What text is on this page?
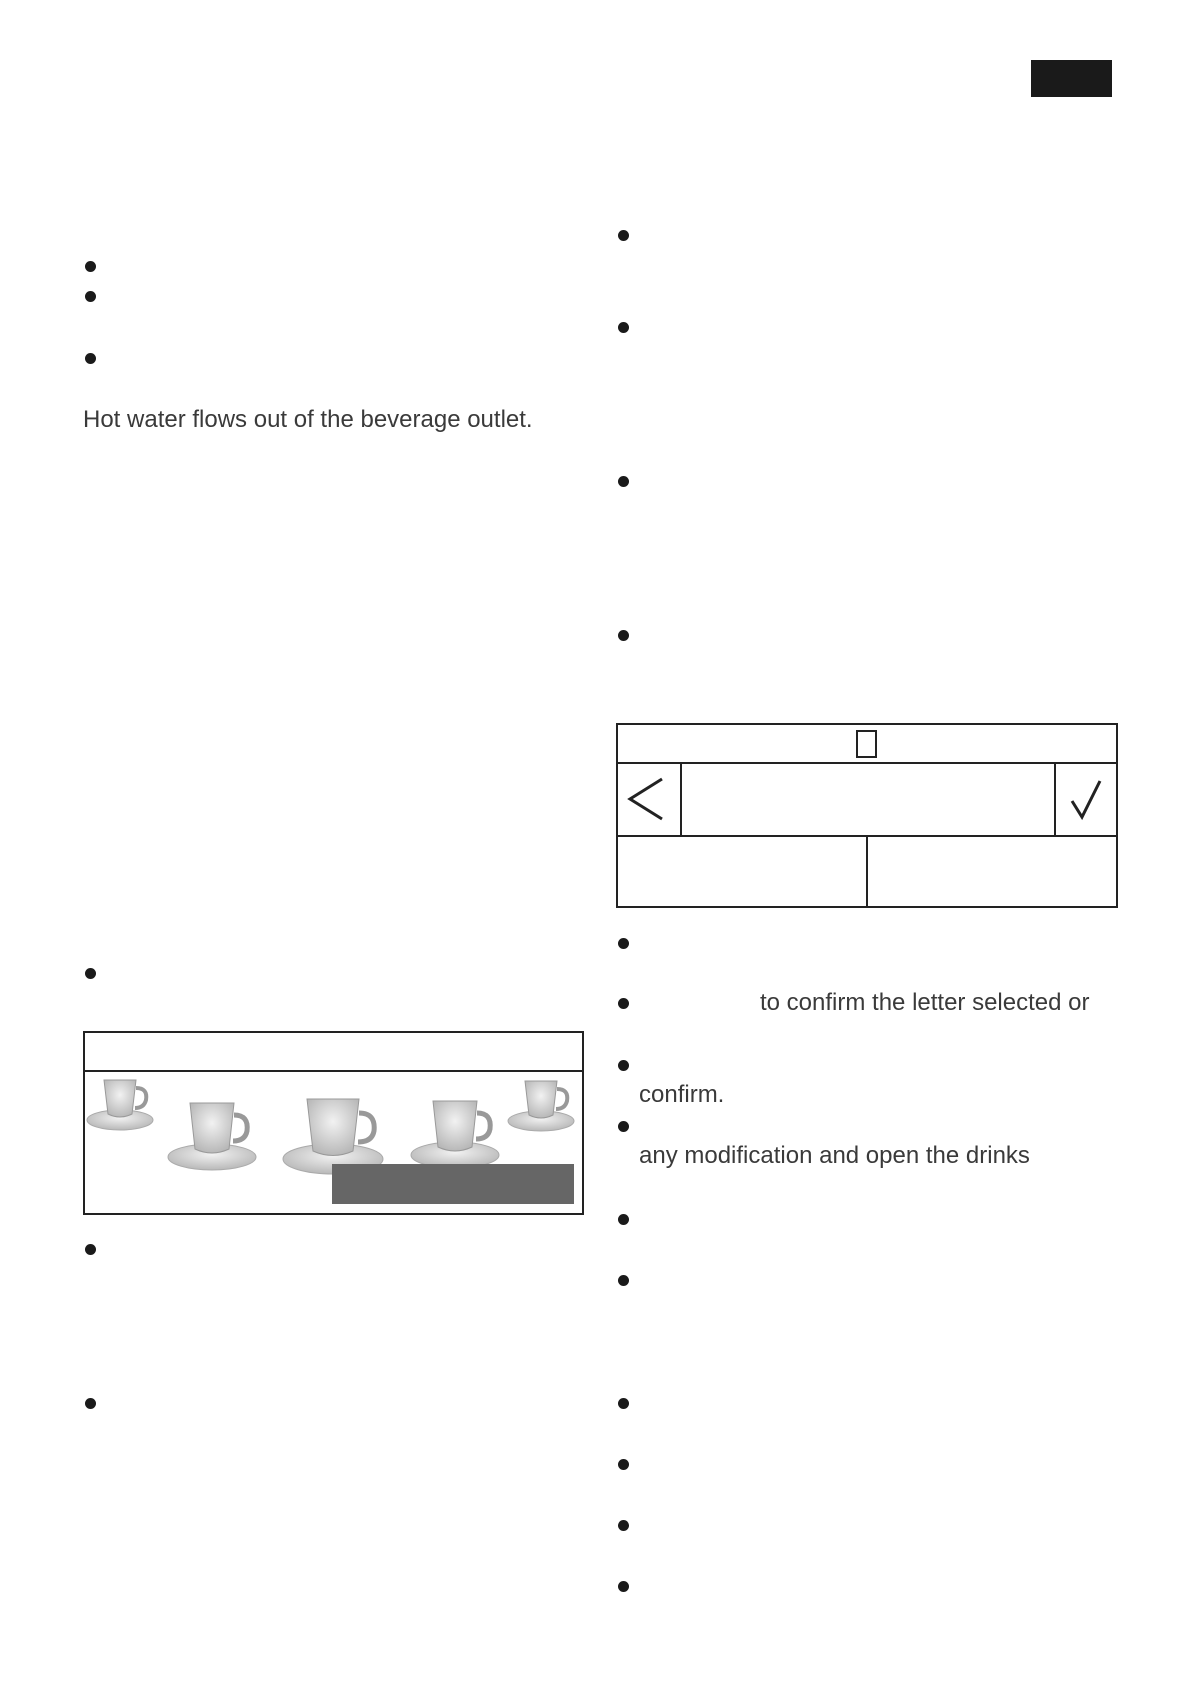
Hot water flows out of the beverage outlet.
to confirm the letter selected or
confirm.
any modification and open the drinks
